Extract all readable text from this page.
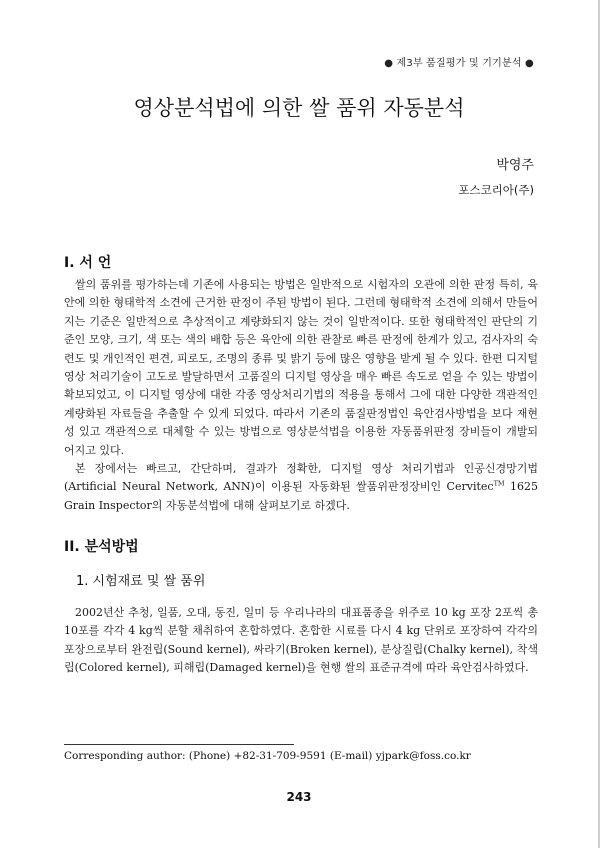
● 제3부 품질평가 및 기기분석 ●
영상분석법에 의한 쌀 품위 자동분석
박영주
포스코리아(주)
I. 서 언

쌀의 품위를 평가하는데 기존에 사용되는 방법은 일반적으로 시험자의 오관에 의한 판정 특히, 육안에 의한 형태학적 소견에 근거한 판정이 주된 방법이 된다. 그런데 형태학적 소견에 의해서 만들어지는 기준은 일반적으로 추상적이고 계량화되지 않는 것이 일반적이다. 또한 형태학적인 판단의 기준인 모양, 크기, 색 또는 색의 배합 등은 육안에 의한 관찰로 빠른 판정에 한계가 있고, 검사자의 숙련도 및 개인적인 편견, 피로도, 조명의 종류 및 밝기 등에 많은 영향을 받게 될 수 있다. 한편 디지털 영상 처리기술이 고도로 발달하면서 고품질의 디지털 영상을 매우 빠른 속도로 얻을 수 있는 방법이 확보되었고, 이 디지털 영상에 대한 각종 영상처리기법의 적용을 통해서 그에 대한 다양한 객관적인 계량화된 자료들을 추출할 수 있게 되었다. 따라서 기존의 품질판정법인 육안검사방법을 보다 재현성 있고 객관적으로 대체할 수 있는 방법으로 영상분석법을 이용한 자동품위판정 장비들이 개발되어지고 있다.

본 장에서는 빠르고, 간단하며, 결과가 정확한, 디지털 영상 처리기법과 인공신경망기법(Artificial Neural Network, ANN)이 이용된 자동화된 쌀품위판정장비인 Cervitec™ 1625 Grain Inspector의 자동분석법에 대해 살펴보기로 하겠다.

II. 분석방법
1. 시험재료 및 쌀 품위

2002년산 추청, 일품, 오대, 동진, 일미 등 우리나라의 대표품종을 위주로 10 kg 포장 2포씩 총 10포를 각각 4 kg씩 분할 채취하여 혼합하였다. 혼합한 시료를 다시 4 kg 단위로 포장하여 각각의 포장으로부터 완전립(Sound kernel), 싸라기(Broken kernel), 분상질립(Chalky kernel), 착색립(Colored kernel), 피해립(Damaged kernel)을 현행 쌀의 표준규격에 따라 육안검사하였다.

Corresponding author: (Phone) +82-31-709-9591 (E-mail) yjpark@foss.co.kr
243
